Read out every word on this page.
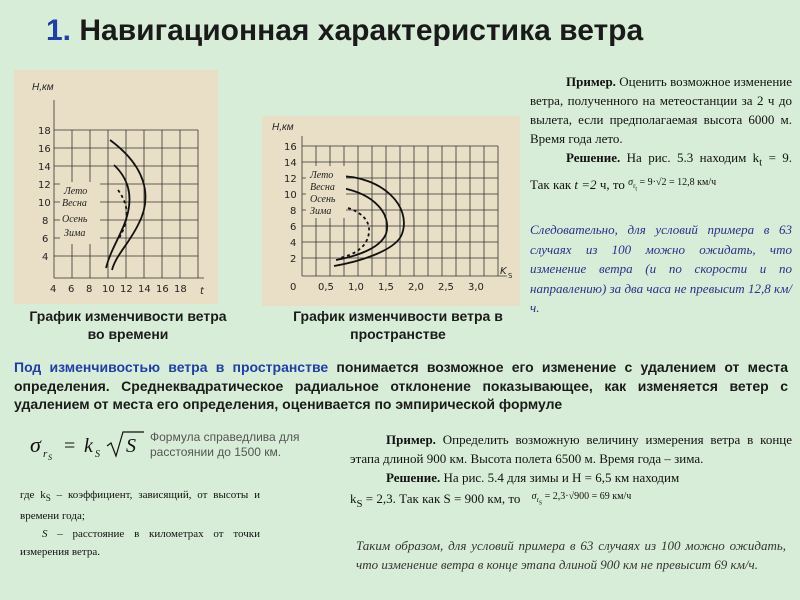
1. Навигационная характеристика ветра
H,км
18
16
14
12
10
8
6
4
4 6 8 10 12 14 16 18 t
Лето
Весна
Осень
Зима
График изменчивости ветра
во времени
H,км
16
14
12
10
8
6
4
2
0 0,5 1,0 1,5 2,0 2,5 3,0
K S
Лето
Весна
Осень
Зима
График изменчивости ветра в
пространстве
Пример. Оценить возможное изменение ветра, полученного на метеостанции за 2 ч до вылета, если предполагаемая высота 6000 м. Время года лето.
Решение. На рис. 5.3 находим $k_t = 9$. Так как t =2 ч, то $\sigma_{r_t} = 9\cdot√2 = 12,8$ км/ч
Следовательно, для условий примера в 63 случаях из 100 можно ожидать, что изменение ветра (и по скорости и по направлению) за два часа не превысит 12,8 км/ч.
Под изменчивостью ветра в пространстве понимается возможное его изменение с удалением от места определения. Среднеквадратическое радиальное отклонение показывающее, как изменяется ветер с удалением от места его определения, оценивается по эмпирической формуле
σ r S
= k S S Формула справедлива для расстоянии до 1500 км.
где $k_S$ – коэффициент, зависящий, от высоты и времени года;
S – расстояние в километрах от точки измерения ветра.
Пример. Определить возможную величину измерения ветра в конце этапа длиной 900 км. Высота полета 6500 м. Время года – зима.
Решение. На рис. 5.4 для зимы и H = 6,5 км находим
$k_S = 2,3$. Так как S = 900 км, то $\sigma_{r_S} = 2,3\cdot√900 = 69$ км/ч
Таким образом, для условий примера в 63 случаях из 100 можно ожидать, что изменение ветра в конце этапа длиной 900 км не превысит 69 км/ч.
